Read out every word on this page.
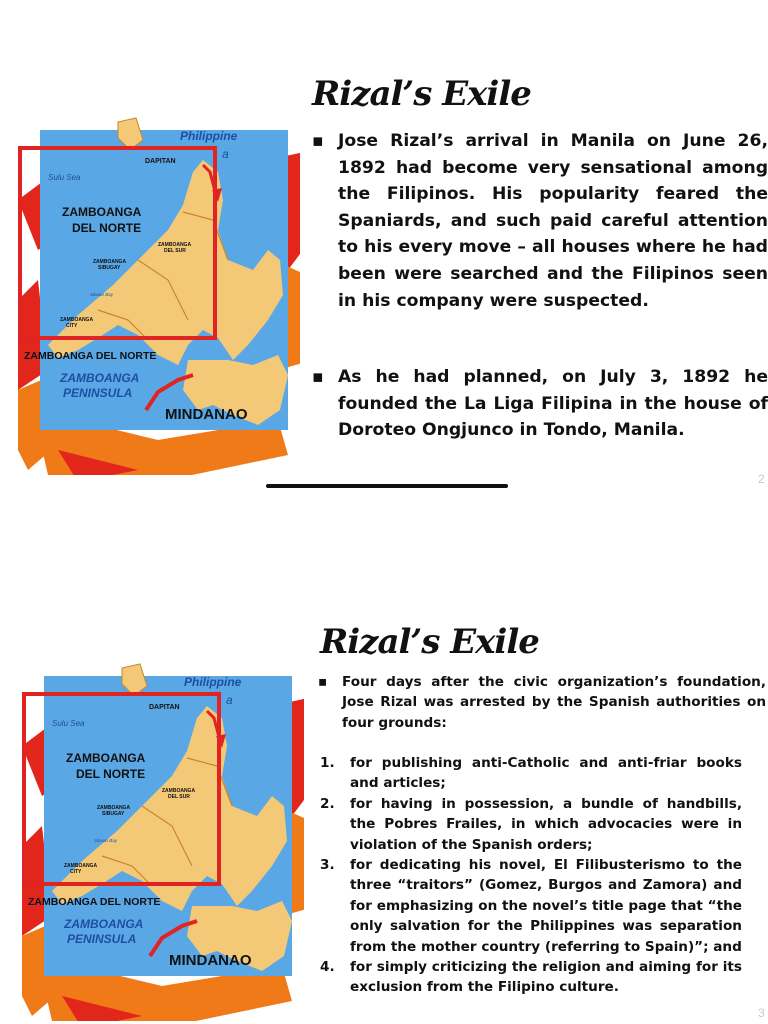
Philippine
a
Sulu Sea
DAPITAN
ZAMBOANGA
DEL NORTE
ZAMBOANGA
DEL SUR
ZAMBOANGA
SIBUGAY
Sibuan Bay
ZAMBOANGA
CITY
ZAMBOANGA DEL NORTE
ZAMBOANGA
PENINSULA
MINDANAO
Rizal’s Exile

▪ Jose Rizal’s arrival in Manila on June 26, 1892 had become very sensational among the Filipinos. His popularity feared the Spaniards, and such paid careful attention to his every move – all houses where he had been were searched and the Filipinos seen in his company were suspected.

▪ As he had planned, on July 3, 1892 he founded the La Liga Filipina in the house of Doroteo Ongjunco in Tondo, Manila.

2
Philippine
a
Sulu Sea
DAPITAN
ZAMBOANGA
DEL NORTE
ZAMBOANGA
DEL SUR
ZAMBOANGA
SIBUGAY
Sibuan Bay
ZAMBOANGA
CITY
ZAMBOANGA DEL NORTE
ZAMBOANGA
PENINSULA
MINDANAO
Rizal’s Exile

▪ Four days after the civic organization’s foundation, Jose Rizal was arrested by the Spanish authorities on four grounds:

1. for publishing anti-Catholic and anti-friar books and articles;
2. for having in possession, a bundle of handbills, the Pobres Frailes, in which advocacies were in violation of the Spanish orders;
3. for dedicating his novel, El Filibusterismo to the three “traitors” (Gomez, Burgos and Zamora) and for emphasizing on the novel’s title page that “the only salvation for the Philippines was separation from the mother country (referring to Spain)”; and
4. for simply criticizing the religion and aiming for its exclusion from the Filipino culture.
3
